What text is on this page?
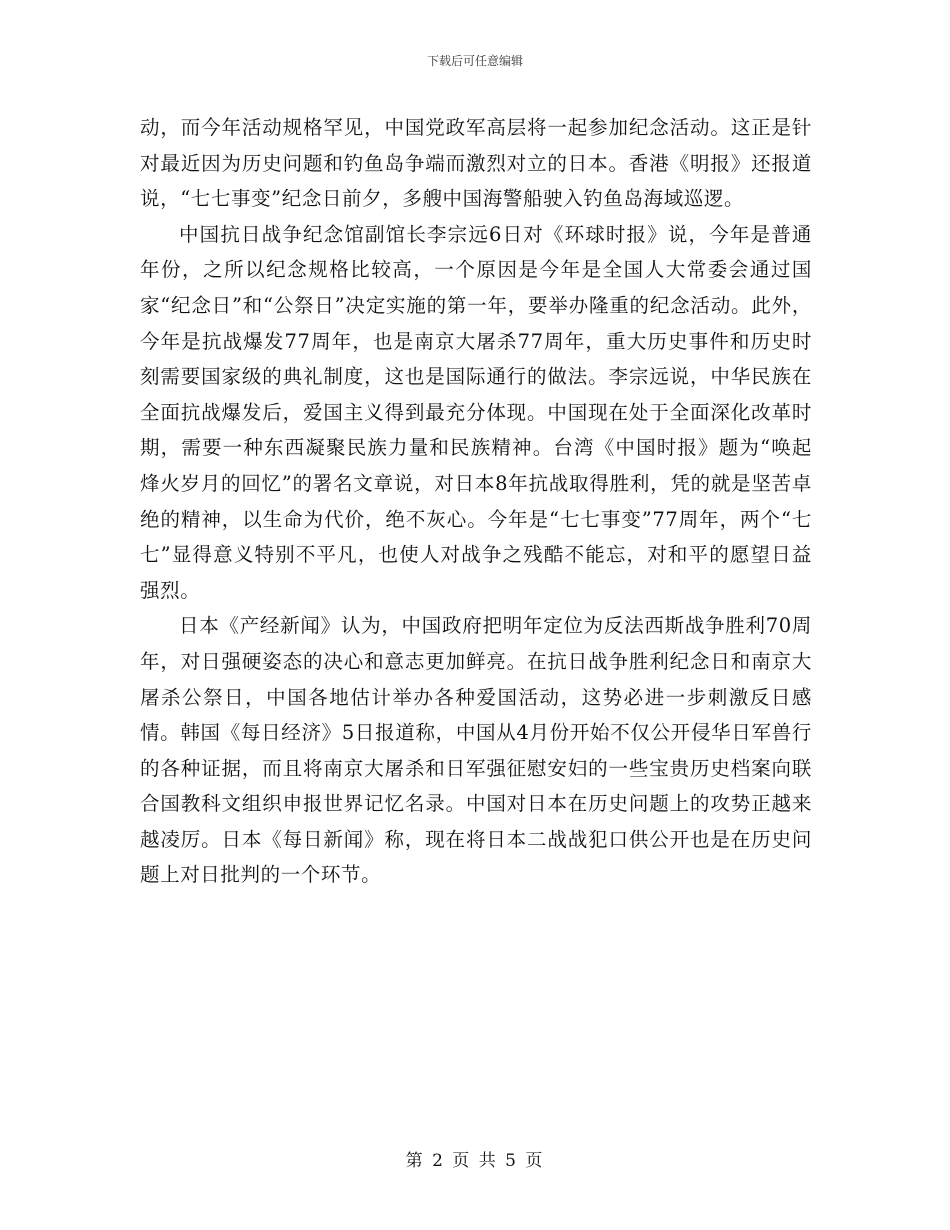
下载后可任意编辑

动，而今年活动规格罕见，中国党政军高层将一起参加纪念活动。这正是针对最近因为历史问题和钓鱼岛争端而激烈对立的日本。香港《明报》还报道说，“七七事变”纪念日前夕，多艘中国海警船驶入钓鱼岛海域巡逻。

中国抗日战争纪念馆副馆长李宗远6日对《环球时报》说，今年是普通年份，之所以纪念规格比较高，一个原因是今年是全国人大常委会通过国家“纪念日”和“公祭日”决定实施的第一年，要举办隆重的纪念活动。此外，今年是抗战爆发77周年，也是南京大屠杀77周年，重大历史事件和历史时刻需要国家级的典礼制度，这也是国际通行的做法。李宗远说，中华民族在全面抗战爆发后，爱国主义得到最充分体现。中国现在处于全面深化改革时期，需要一种东西凝聚民族力量和民族精神。台湾《中国时报》题为“唤起烽火岁月的回忆”的署名文章说，对日本8年抗战取得胜利，凭的就是坚苦卓绝的精神，以生命为代价，绝不灰心。今年是“七七事变”77周年，两个“七七”显得意义特别不平凡，也使人对战争之残酷不能忘，对和平的愿望日益强烈。

日本《产经新闻》认为，中国政府把明年定位为反法西斯战争胜利70周年，对日强硬姿态的决心和意志更加鲜亮。在抗日战争胜利纪念日和南京大屠杀公祭日，中国各地估计举办各种爱国活动，这势必进一步刺激反日感情。韩国《每日经济》5日报道称，中国从4月份开始不仅公开侵华日军兽行的各种证据，而且将南京大屠杀和日军强征慰安妇的一些宝贵历史档案向联合国教科文组织申报世界记忆名录。中国对日本在历史问题上的攻势正越来越凌厉。日本《每日新闻》称，现在将日本二战战犯口供公开也是在历史问题上对日批判的一个环节。

第 2 页 共 5 页
